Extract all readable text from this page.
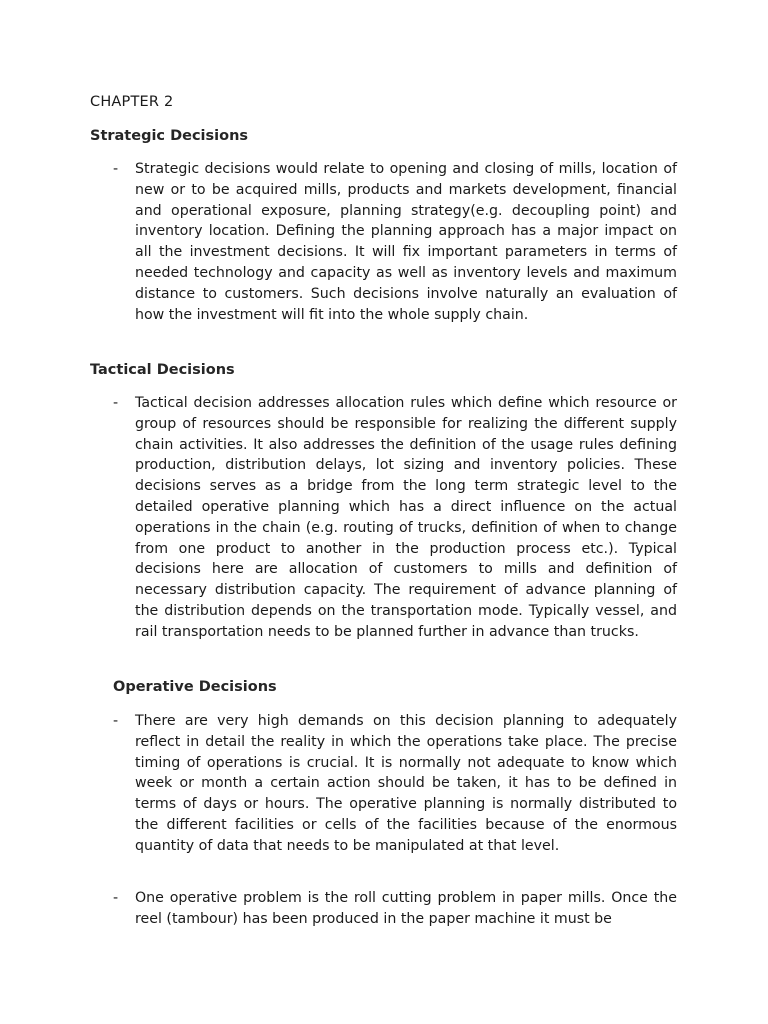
CHAPTER 2
Strategic Decisions
- Strategic decisions would relate to opening and closing of mills, location of new or to be acquired mills, products and markets development, financial and operational exposure, planning strategy(e.g. decoupling point) and inventory location. Defining the planning approach has a major impact on all the investment decisions. It will fix important parameters in terms of needed technology and capacity as well as inventory levels and maximum distance to customers. Such decisions involve naturally an evaluation of how the investment will fit into the whole supply chain.
Tactical Decisions
- Tactical decision addresses allocation rules which define which resource or group of resources should be responsible for realizing the different supply chain activities. It also addresses the definition of the usage rules defining production, distribution delays, lot sizing and inventory policies. These decisions serves as a bridge from the long term strategic level to the detailed operative planning which has a direct influence on the actual operations in the chain (e.g. routing of trucks, definition of when to change from one product to another in the production process etc.). Typical decisions here are allocation of customers to mills and definition of necessary distribution capacity. The requirement of advance planning of the distribution depends on the transportation mode. Typically vessel, and rail transportation needs to be planned further in advance than trucks.
Operative Decisions
- There are very high demands on this decision planning to adequately reflect in detail the reality in which the operations take place. The precise timing of operations is crucial. It is normally not adequate to know which week or month a certain action should be taken, it has to be defined in terms of days or hours. The operative planning is normally distributed to the different facilities or cells of the facilities because of the enormous quantity of data that needs to be manipulated at that level.
- One operative problem is the roll cutting problem in paper mills. Once the reel (tambour) has been produced in the paper machine it must be
